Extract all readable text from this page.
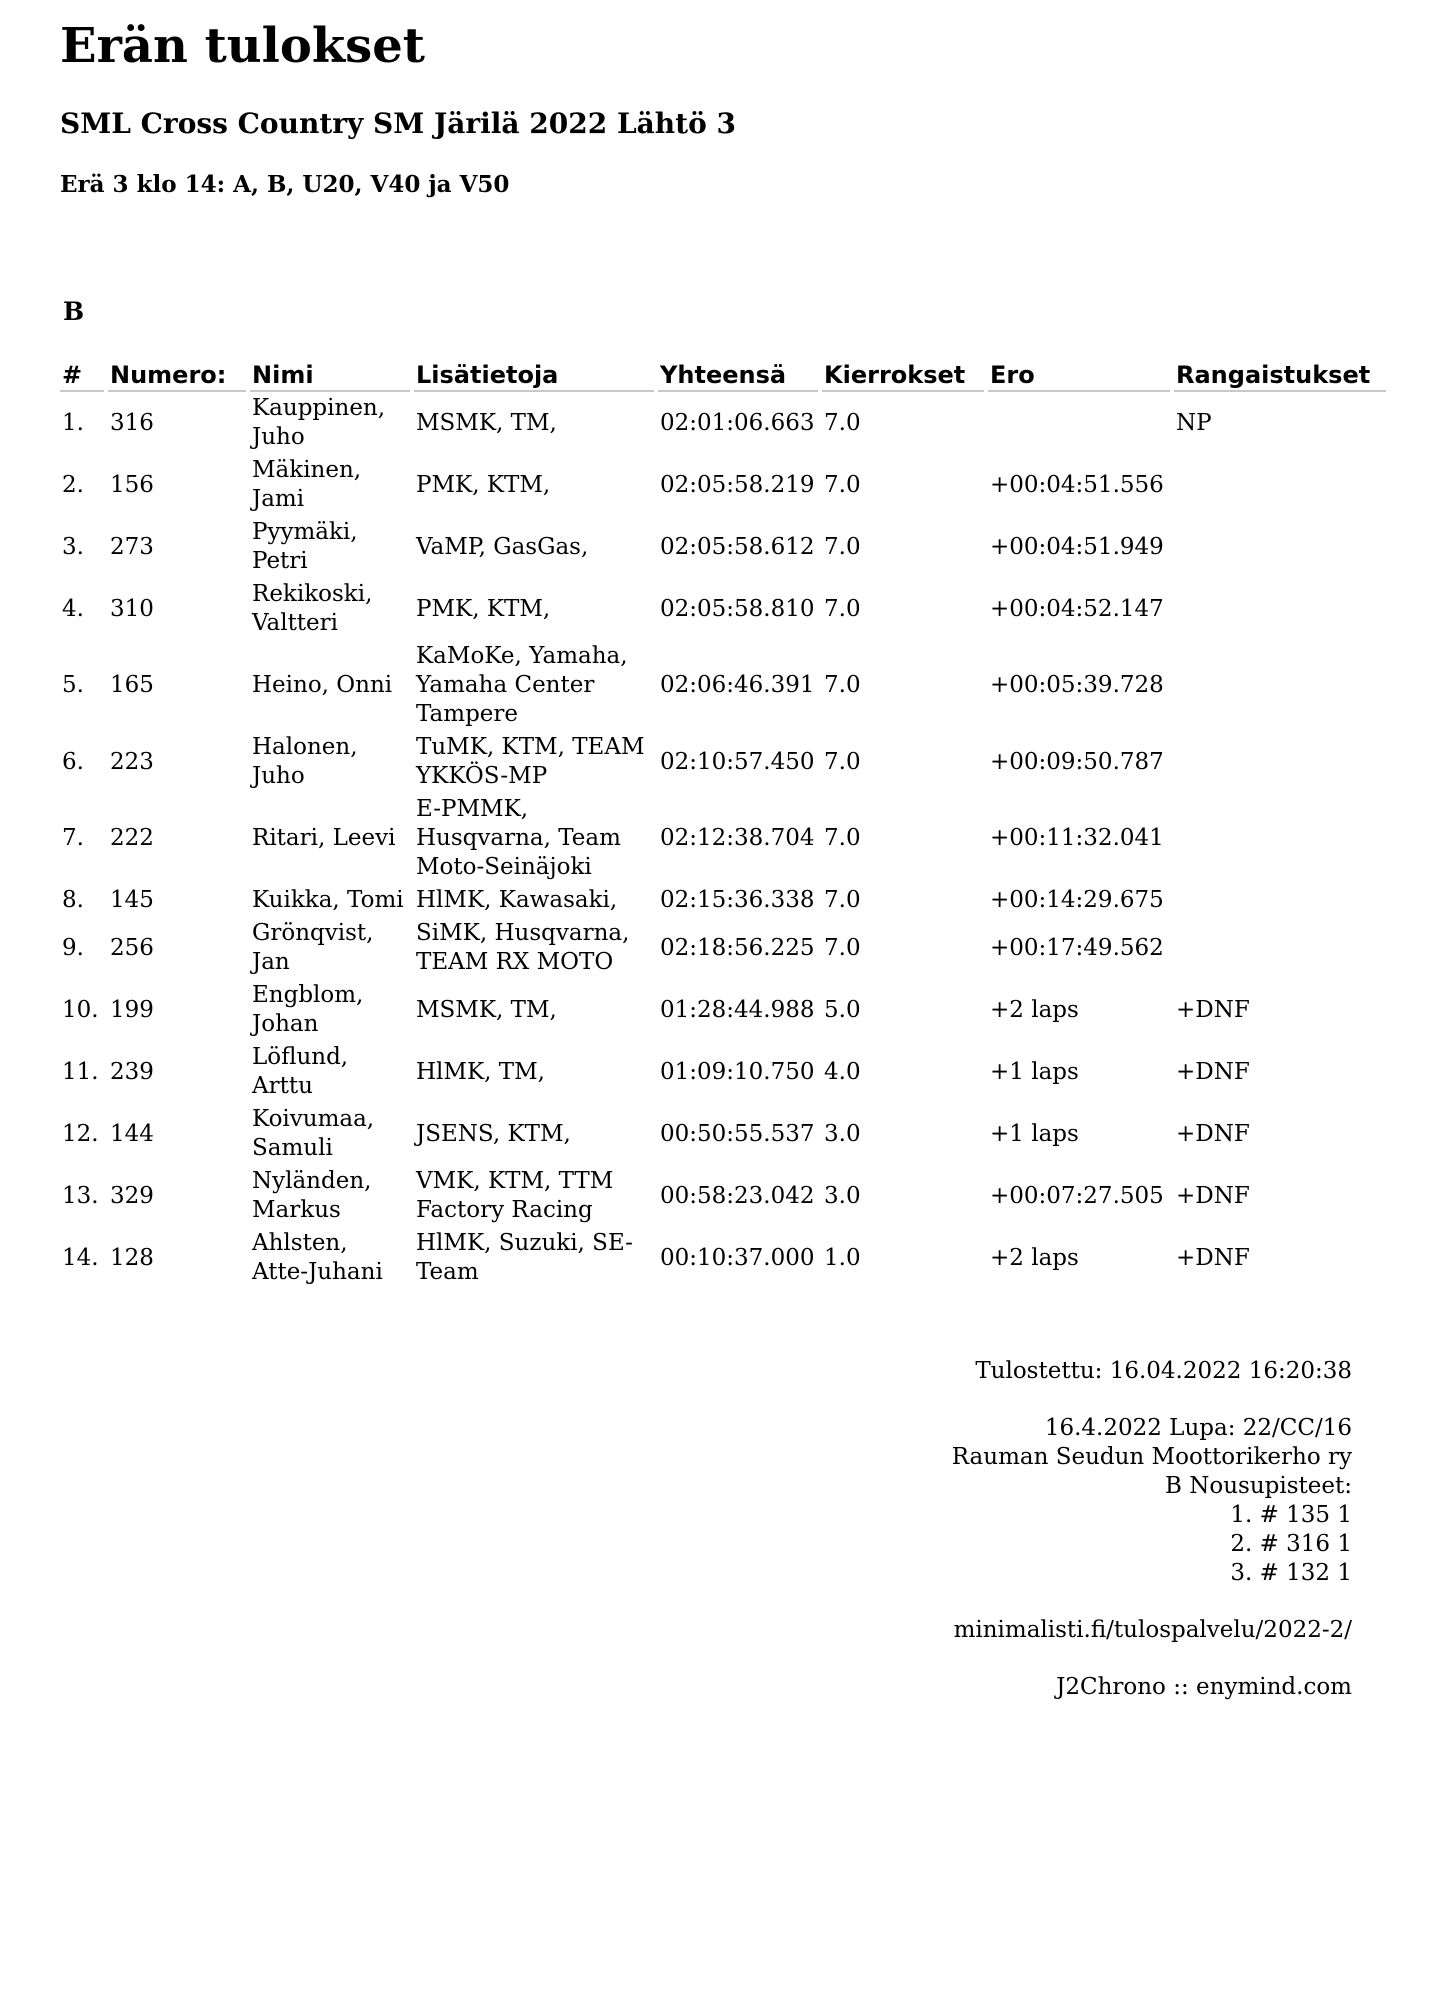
Erän tulokset
SML Cross Country SM Järilä 2022 Lähtö 3
Erä 3 klo 14: A, B, U20, V40 ja V50
B
#	Numero:	Nimi	Lisätietoja	Yhteensä	Kierrokset	Ero	Rangaistukset
1.	316	Kauppinen, Juho	MSMK, TM,	02:01:06.663	7.0		NP
2.	156	Mäkinen, Jami	PMK, KTM,	02:05:58.219	7.0	+00:04:51.556	
3.	273	Pyymäki, Petri	VaMP, GasGas,	02:05:58.612	7.0	+00:04:51.949	
4.	310	Rekikoski, Valtteri	PMK, KTM,	02:05:58.810	7.0	+00:04:52.147	
5.	165	Heino, Onni	KaMoKe, Yamaha, Yamaha Center Tampere	02:06:46.391	7.0	+00:05:39.728	
6.	223	Halonen, Juho	TuMK, KTM, TEAM YKKÖS-MP	02:10:57.450	7.0	+00:09:50.787	
7.	222	Ritari, Leevi	E-PMMK, Husqvarna, Team Moto-Seinäjoki	02:12:38.704	7.0	+00:11:32.041	
8.	145	Kuikka, Tomi	HlMK, Kawasaki,	02:15:36.338	7.0	+00:14:29.675	
9.	256	Grönqvist, Jan	SiMK, Husqvarna, TEAM RX MOTO	02:18:56.225	7.0	+00:17:49.562	
10.	199	Engblom, Johan	MSMK, TM,	01:28:44.988	5.0	+2 laps	+DNF
11.	239	Löflund, Arttu	HlMK, TM,	01:09:10.750	4.0	+1 laps	+DNF
12.	144	Koivumaa, Samuli	JSENS, KTM,	00:50:55.537	3.0	+1 laps	+DNF
13.	329	Nyländen, Markus	VMK, KTM, TTM Factory Racing	00:58:23.042	3.0	+00:07:27.505	+DNF
14.	128	Ahlsten, Atte-Juhani	HlMK, Suzuki, SE-Team	00:10:37.000	1.0	+2 laps	+DNF
Tulostettu: 16.04.2022 16:20:38
16.4.2022 Lupa: 22/CC/16
Rauman Seudun Moottorikerho ry
B Nousupisteet:
1. # 135 1
2. # 316 1
3. # 132 1
minimalisti.fi/tulospalvelu/2022-2/
J2Chrono :: enymind.com
